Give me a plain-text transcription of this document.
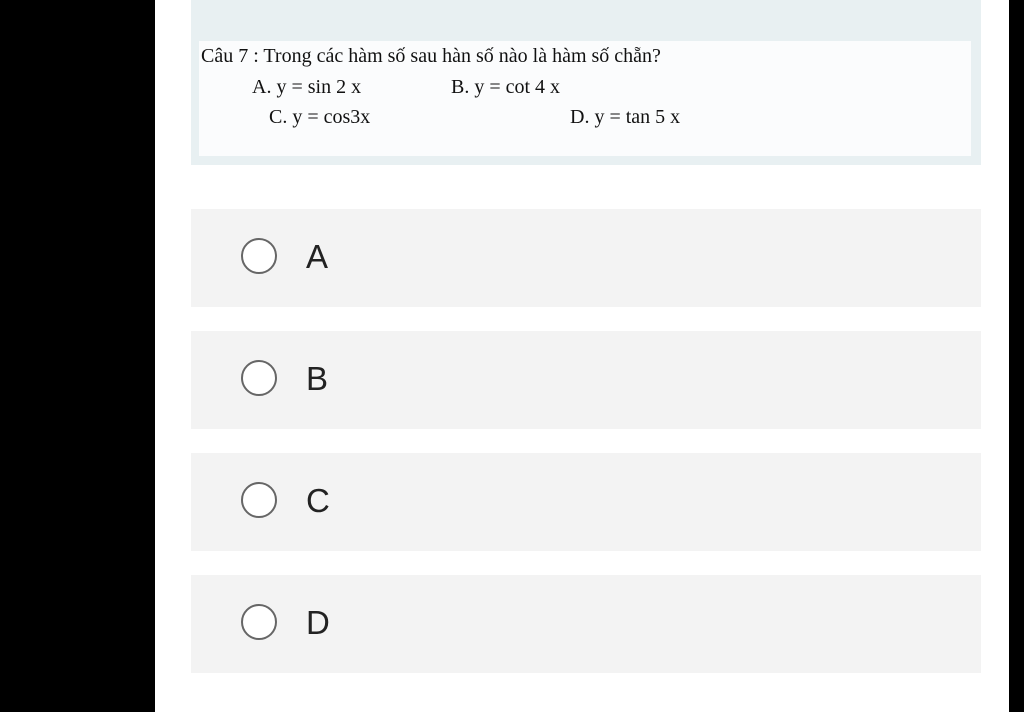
Câu 7 : Trong các hàm số sau hàn số nào là hàm số chẵn?
A. y = sin 2 x	B. y = cot 4 x
C. y = cos3x	D. y = tan 5 x
A
B
C
D
